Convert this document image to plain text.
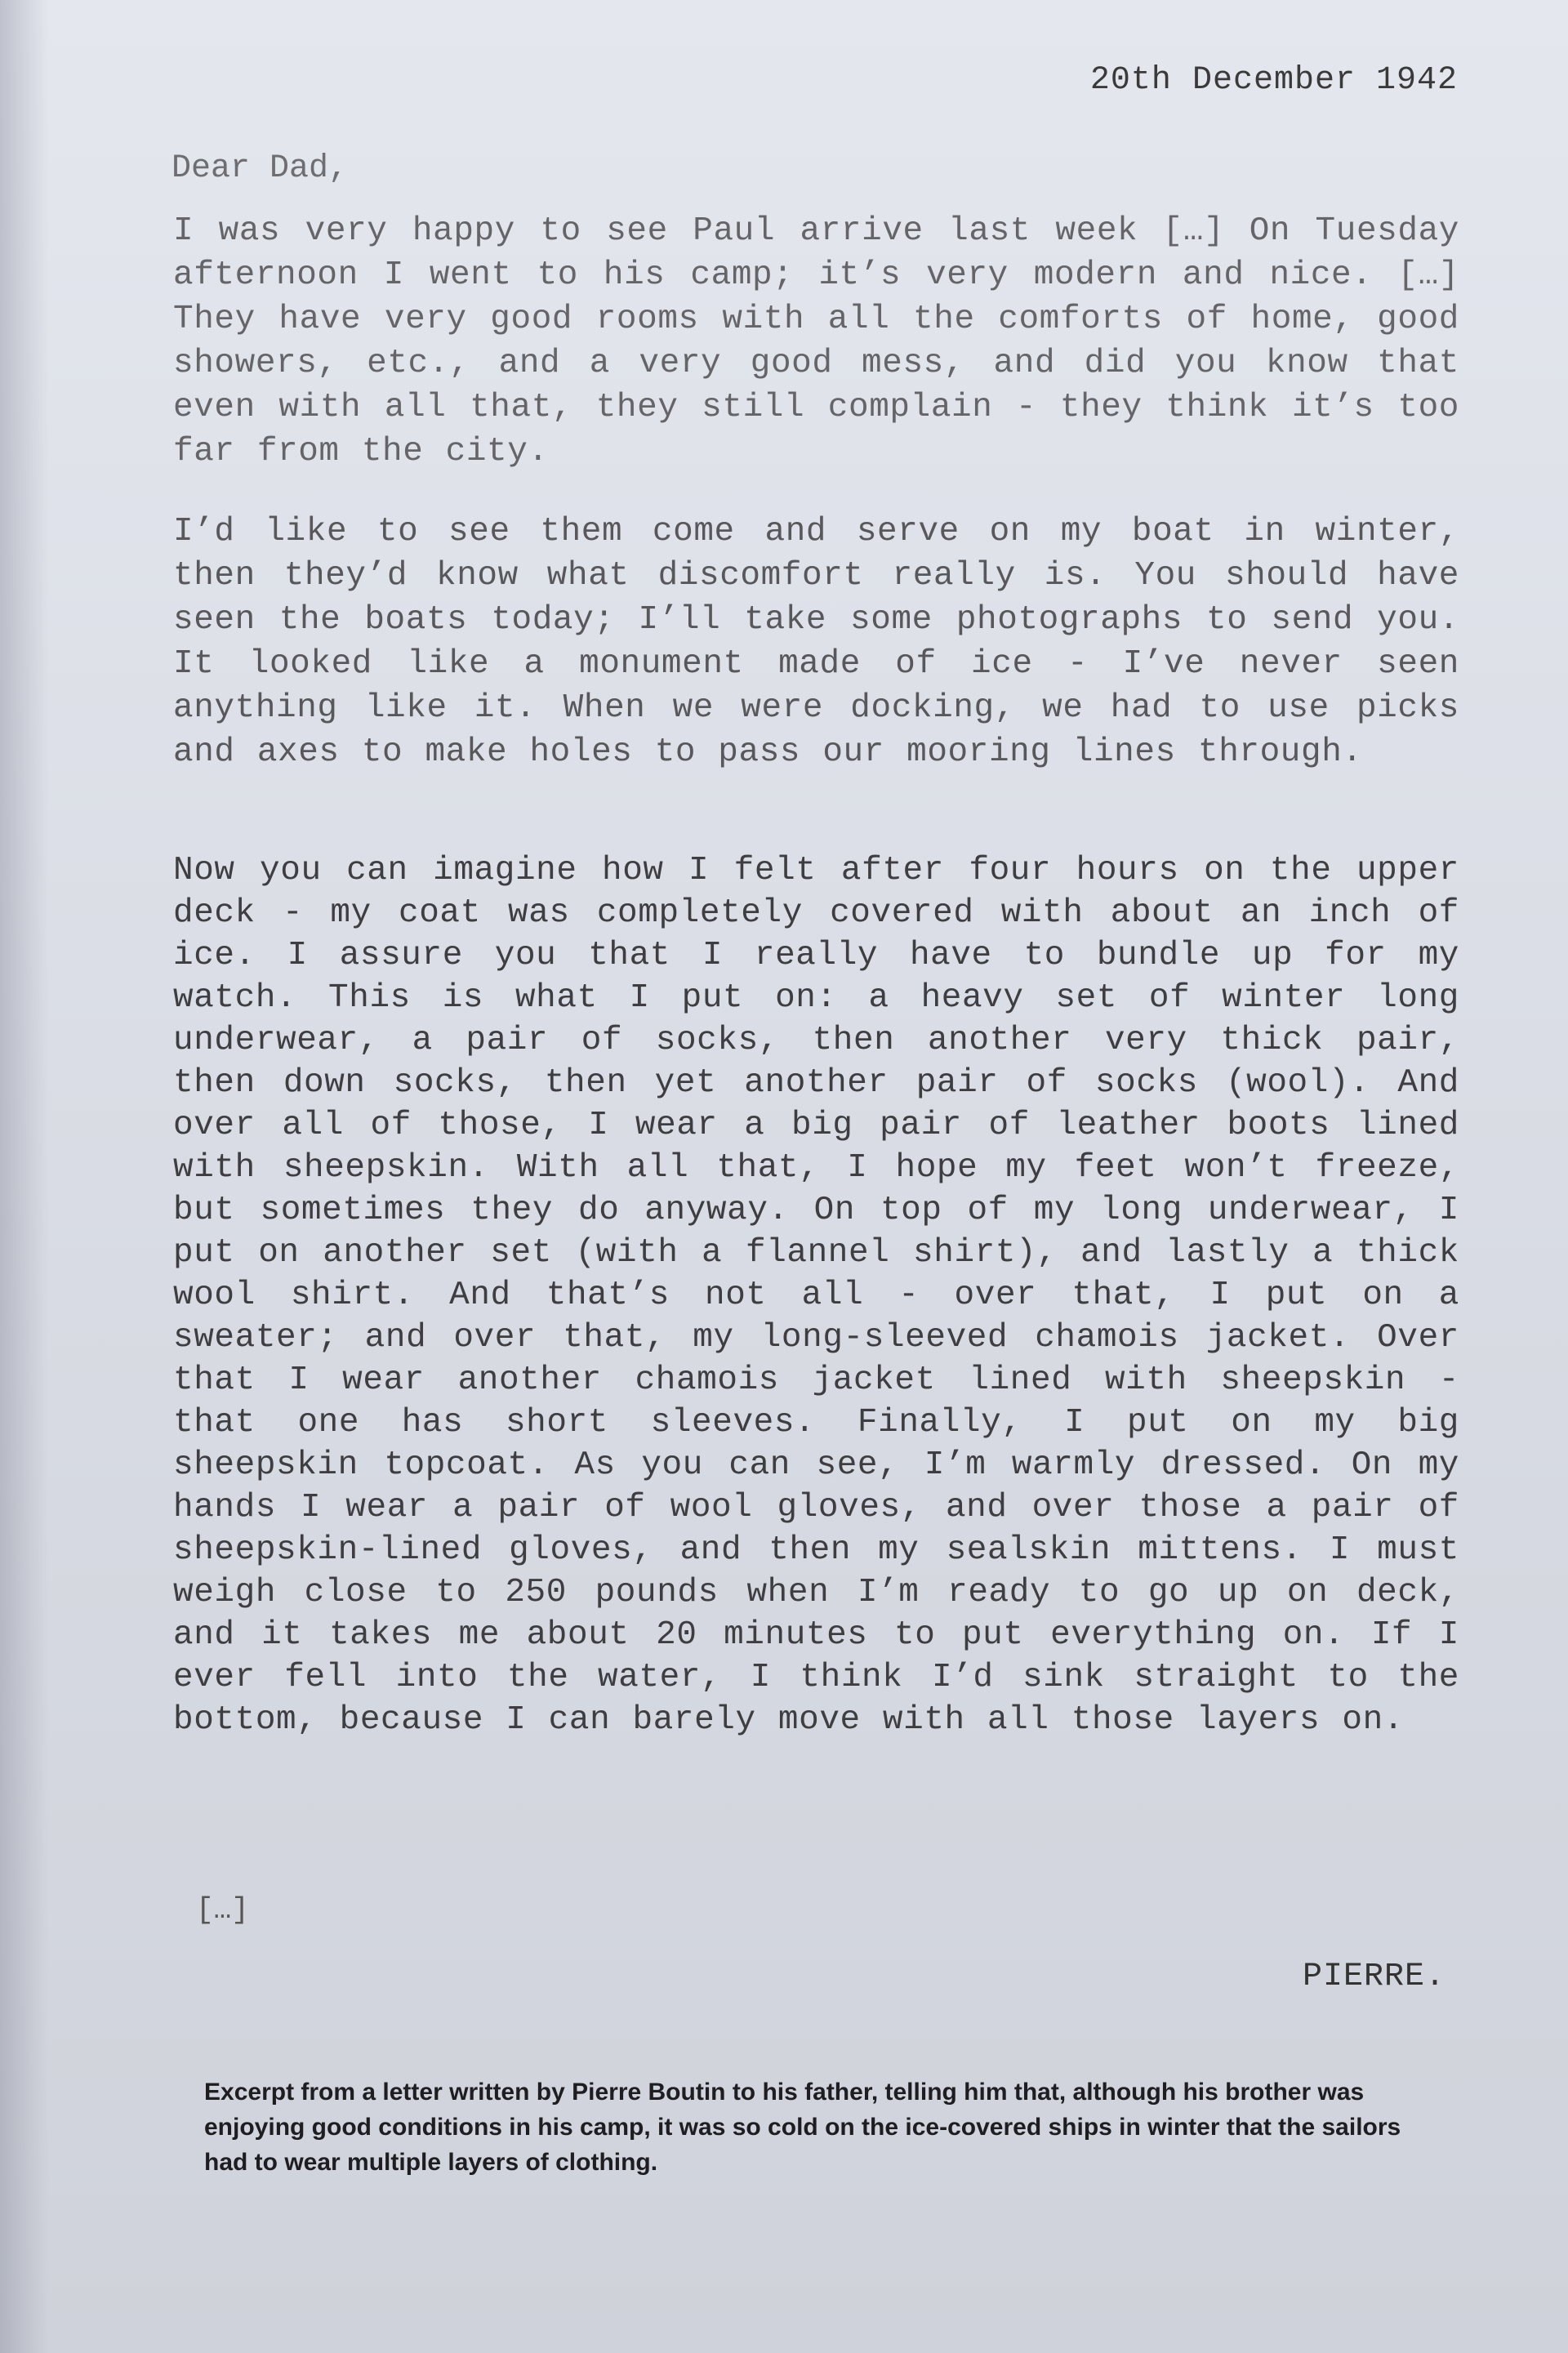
20th December 1942
Dear Dad,

I was very happy to see Paul arrive last week […] On Tuesday afternoon I went to his camp; it’s very modern and nice. […] They have very good rooms with all the comforts of home, good showers, etc., and a very good mess, and did you know that even with all that, they still complain - they think it’s too far from the city.

I’d like to see them come and serve on my boat in winter, then they’d know what discomfort really is. You should have seen the boats today; I’ll take some photographs to send you. It looked like a monument made of ice - I’ve never seen anything like it. When we were docking, we had to use picks and axes to make holes to pass our mooring lines through.

Now you can imagine how I felt after four hours on the upper deck - my coat was completely covered with about an inch of ice. I assure you that I really have to bundle up for my watch. This is what I put on: a heavy set of winter long underwear, a pair of socks, then another very thick pair, then down socks, then yet another pair of socks (wool). And over all of those, I wear a big pair of leather boots lined with sheepskin. With all that, I hope my feet won’t freeze, but sometimes they do anyway. On top of my long underwear, I put on another set (with a flannel shirt), and lastly a thick wool shirt. And that’s not all - over that, I put on a sweater; and over that, my long-sleeved chamois jacket. Over that I wear another chamois jacket lined with sheepskin - that one has short sleeves. Finally, I put on my big sheepskin topcoat. As you can see, I’m warmly dressed. On my hands I wear a pair of wool gloves, and over those a pair of sheepskin-lined gloves, and then my sealskin mittens. I must weigh close to 250 pounds when I’m ready to go up on deck, and it takes me about 20 minutes to put everything on. If I ever fell into the water, I think I’d sink straight to the bottom, because I can barely move with all those layers on.

[…]
PIERRE.

Excerpt from a letter written by Pierre Boutin to his father, telling him that, although his brother was enjoying good conditions in his camp, it was so cold on the ice-covered ships in winter that the sailors had to wear multiple layers of clothing.
